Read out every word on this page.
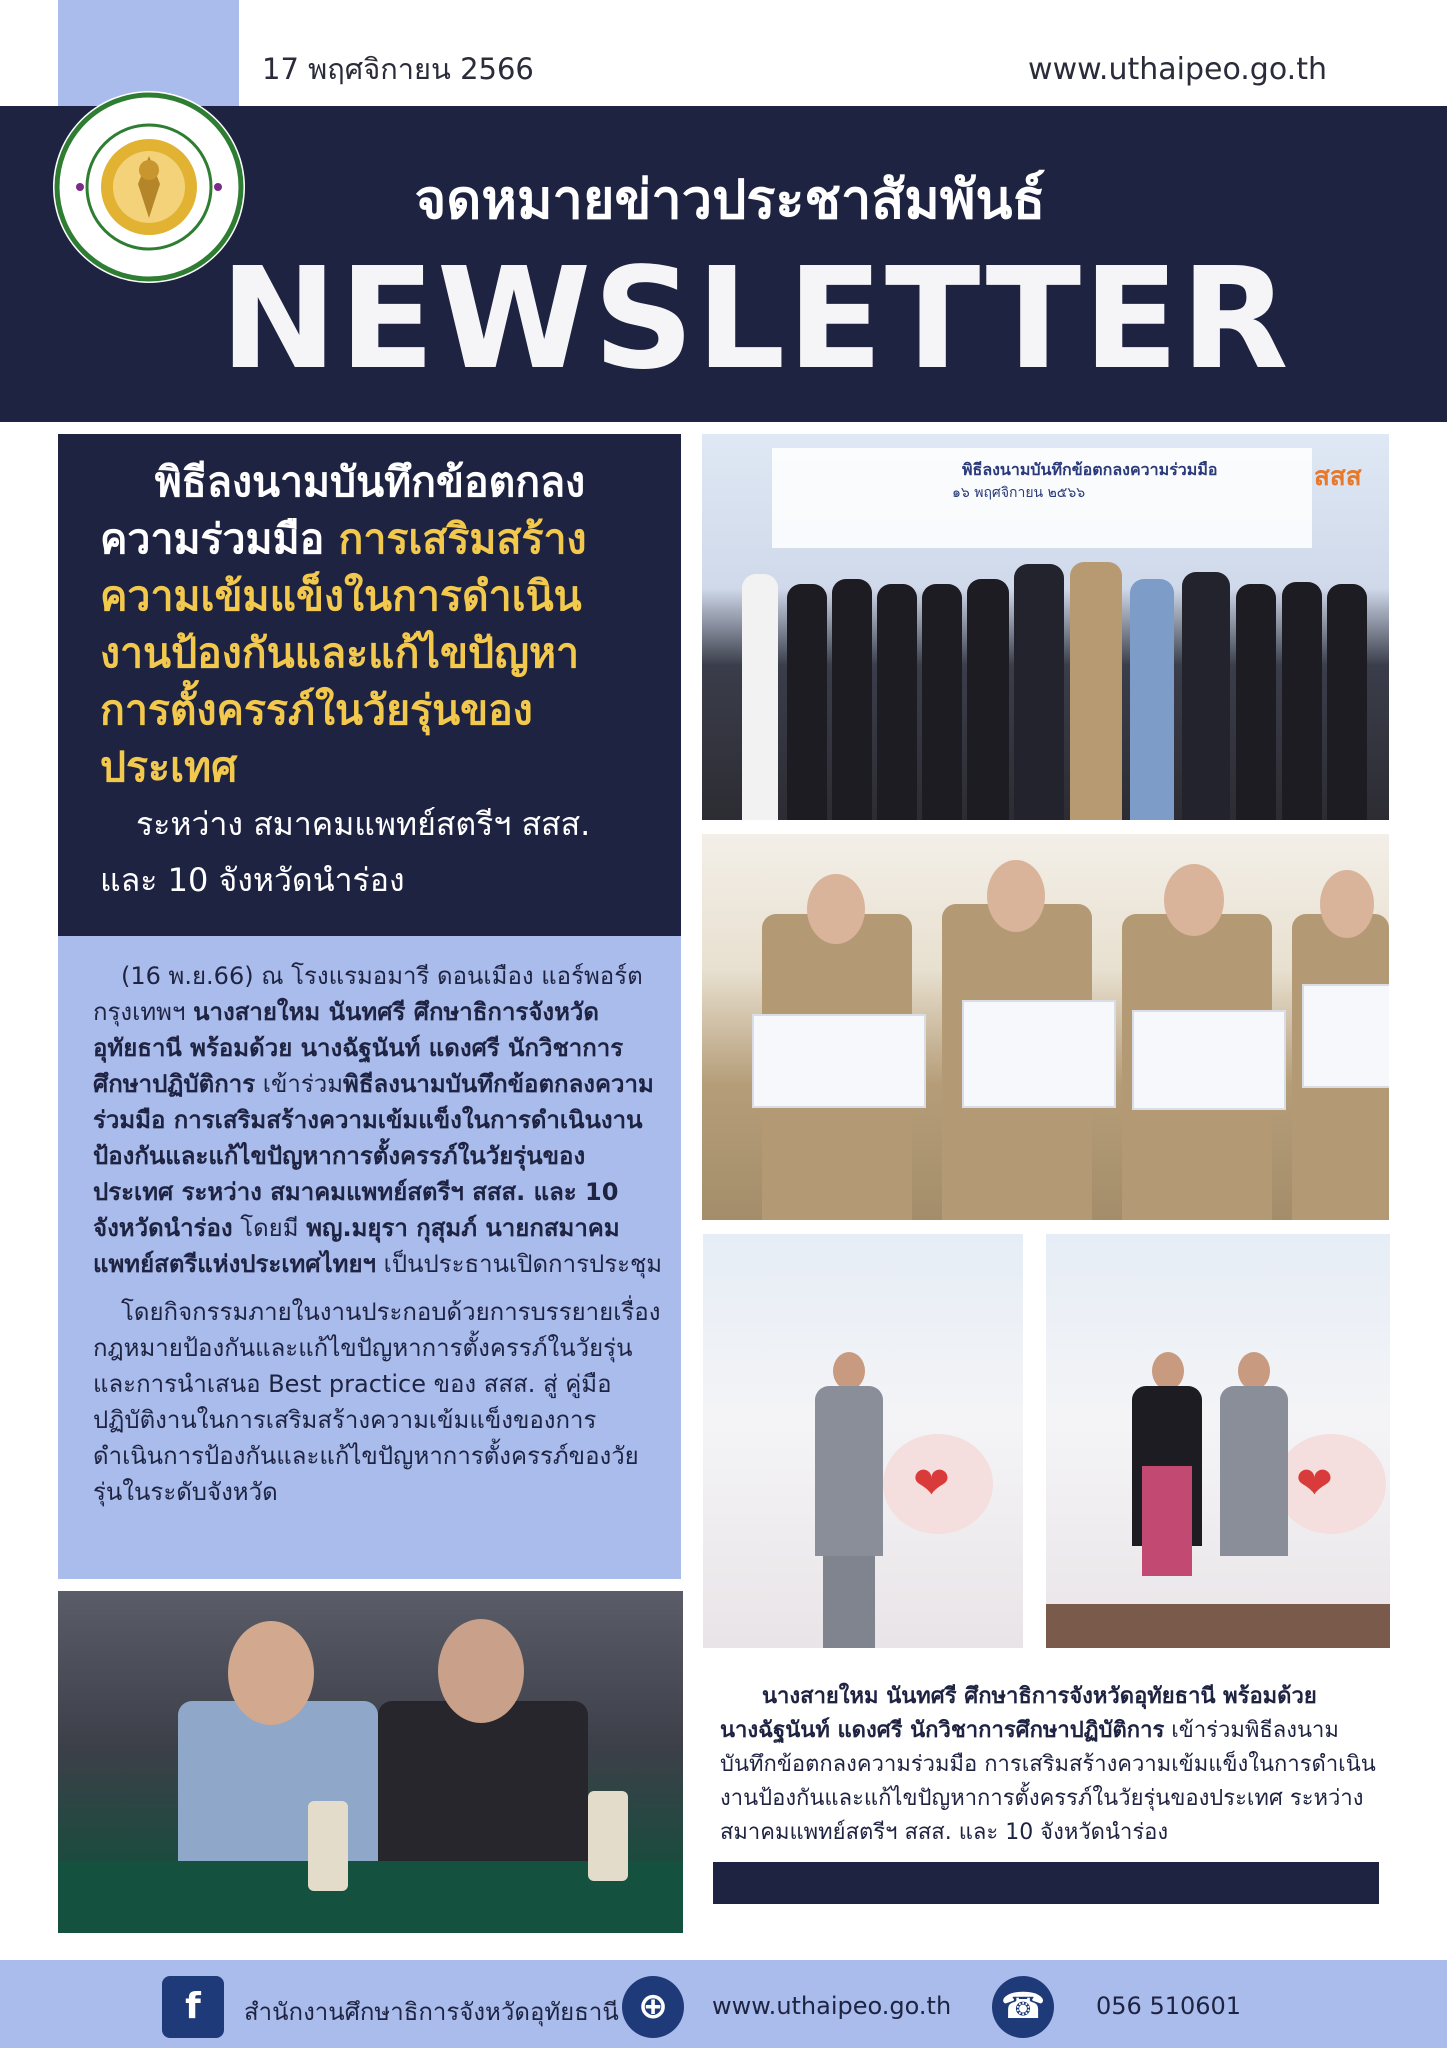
17 พฤศจิกายน 2566	www.uthaipeo.go.th
จดหมายข่าวประชาสัมพันธ์
NEWSLETTER
พิธีลงนามบันทึกข้อตกลง
ความร่วมมือ การเสริมสร้าง
ความเข้มแข็งในการดำเนิน
งานป้องกันและแก้ไขปัญหา
การตั้งครรภ์ในวัยรุ่นของ
ประเทศ
ระหว่าง สมาคมแพทย์สตรีฯ สสส.
และ 10 จังหวัดนำร่อง

(16 พ.ย.66) ณ โรงแรมอมารี ดอนเมือง แอร์พอร์ต กรุงเทพฯ นางสายใหม นันทศรี ศึกษาธิการจังหวัดอุทัยธานี พร้อมด้วย นางฉัฐนันท์ แดงศรี นักวิชาการศึกษาปฏิบัติการ เข้าร่วมพิธีลงนามบันทึกข้อตกลงความร่วมมือ การเสริมสร้างความเข้มแข็งในการดำเนินงานป้องกันและแก้ไขปัญหาการตั้งครรภ์ในวัยรุ่นของประเทศ ระหว่าง สมาคมแพทย์สตรีฯ สสส. และ 10 จังหวัดนำร่อง โดยมี พญ.มยุรา กุสุมภ์ นายกสมาคมแพทย์สตรีแห่งประเทศไทยฯ เป็นประธานเปิดการประชุม

โดยกิจกรรมภายในงานประกอบด้วยการบรรยายเรื่องกฎหมายป้องกันและแก้ไขปัญหาการตั้งครรภ์ในวัยรุ่น และการนำเสนอ Best practice ของ สสส. สู่ คู่มือปฏิบัติงานในการเสริมสร้างความเข้มแข็งของการดำเนินการป้องกันและแก้ไขปัญหาการตั้งครรภ์ของวัยรุ่นในระดับจังหวัด

พิธีลงนามบันทึกข้อตกลงความร่วมมือ
๑๖ พฤศจิกายน ๒๕๖๖
สสส
❤	❤
นางสายใหม นันทศรี ศึกษาธิการจังหวัดอุทัยธานี พร้อมด้วย
นางฉัฐนันท์ แดงศรี นักวิชาการศึกษาปฏิบัติการ เข้าร่วมพิธีลงนามบันทึกข้อตกลงความร่วมมือ การเสริมสร้างความเข้มแข็งในการดำเนินงานป้องกันและแก้ไขปัญหาการตั้งครรภ์ในวัยรุ่นของประเทศ ระหว่าง สมาคมแพทย์สตรีฯ สสส. และ 10 จังหวัดนำร่อง
f	สำนักงานศึกษาธิการจังหวัดอุทัยธานี ⊕	www.uthaipeo.go.th ☎	056 510601
